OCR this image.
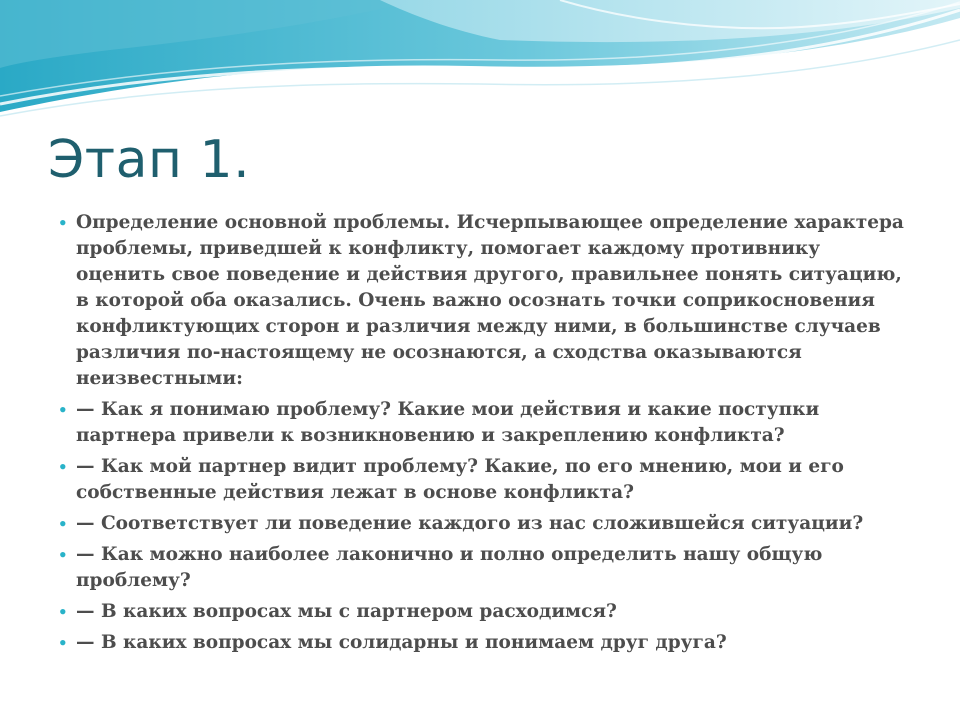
Этап 1.
• Определение основной проблемы. Исчерпывающее определение характера проблемы, приведшей к конфликту, помогает каждому противнику оценить свое поведение и действия другого, правильнее понять ситуацию, в которой оба оказались. Очень важно осознать точки соприкосновения конфликтующих сторон и различия между ними, в большинстве случаев различия по-настоящему не осознаются, а сходства оказываются неизвестными:
• — Как я понимаю проблему? Какие мои действия и какие поступки партнера привели к возникновению и закреплению конфликта?
• — Как мой партнер видит проблему? Какие, по его мнению, мои и его собственные действия лежат в основе конфликта?
• — Соответствует ли поведение каждого из нас сложившейся ситуации?
• — Как можно наиболее лаконично и полно определить нашу общую проблему?
• — В каких вопросах мы с партнером расходимся?
• — В каких вопросах мы солидарны и понимаем друг друга?
